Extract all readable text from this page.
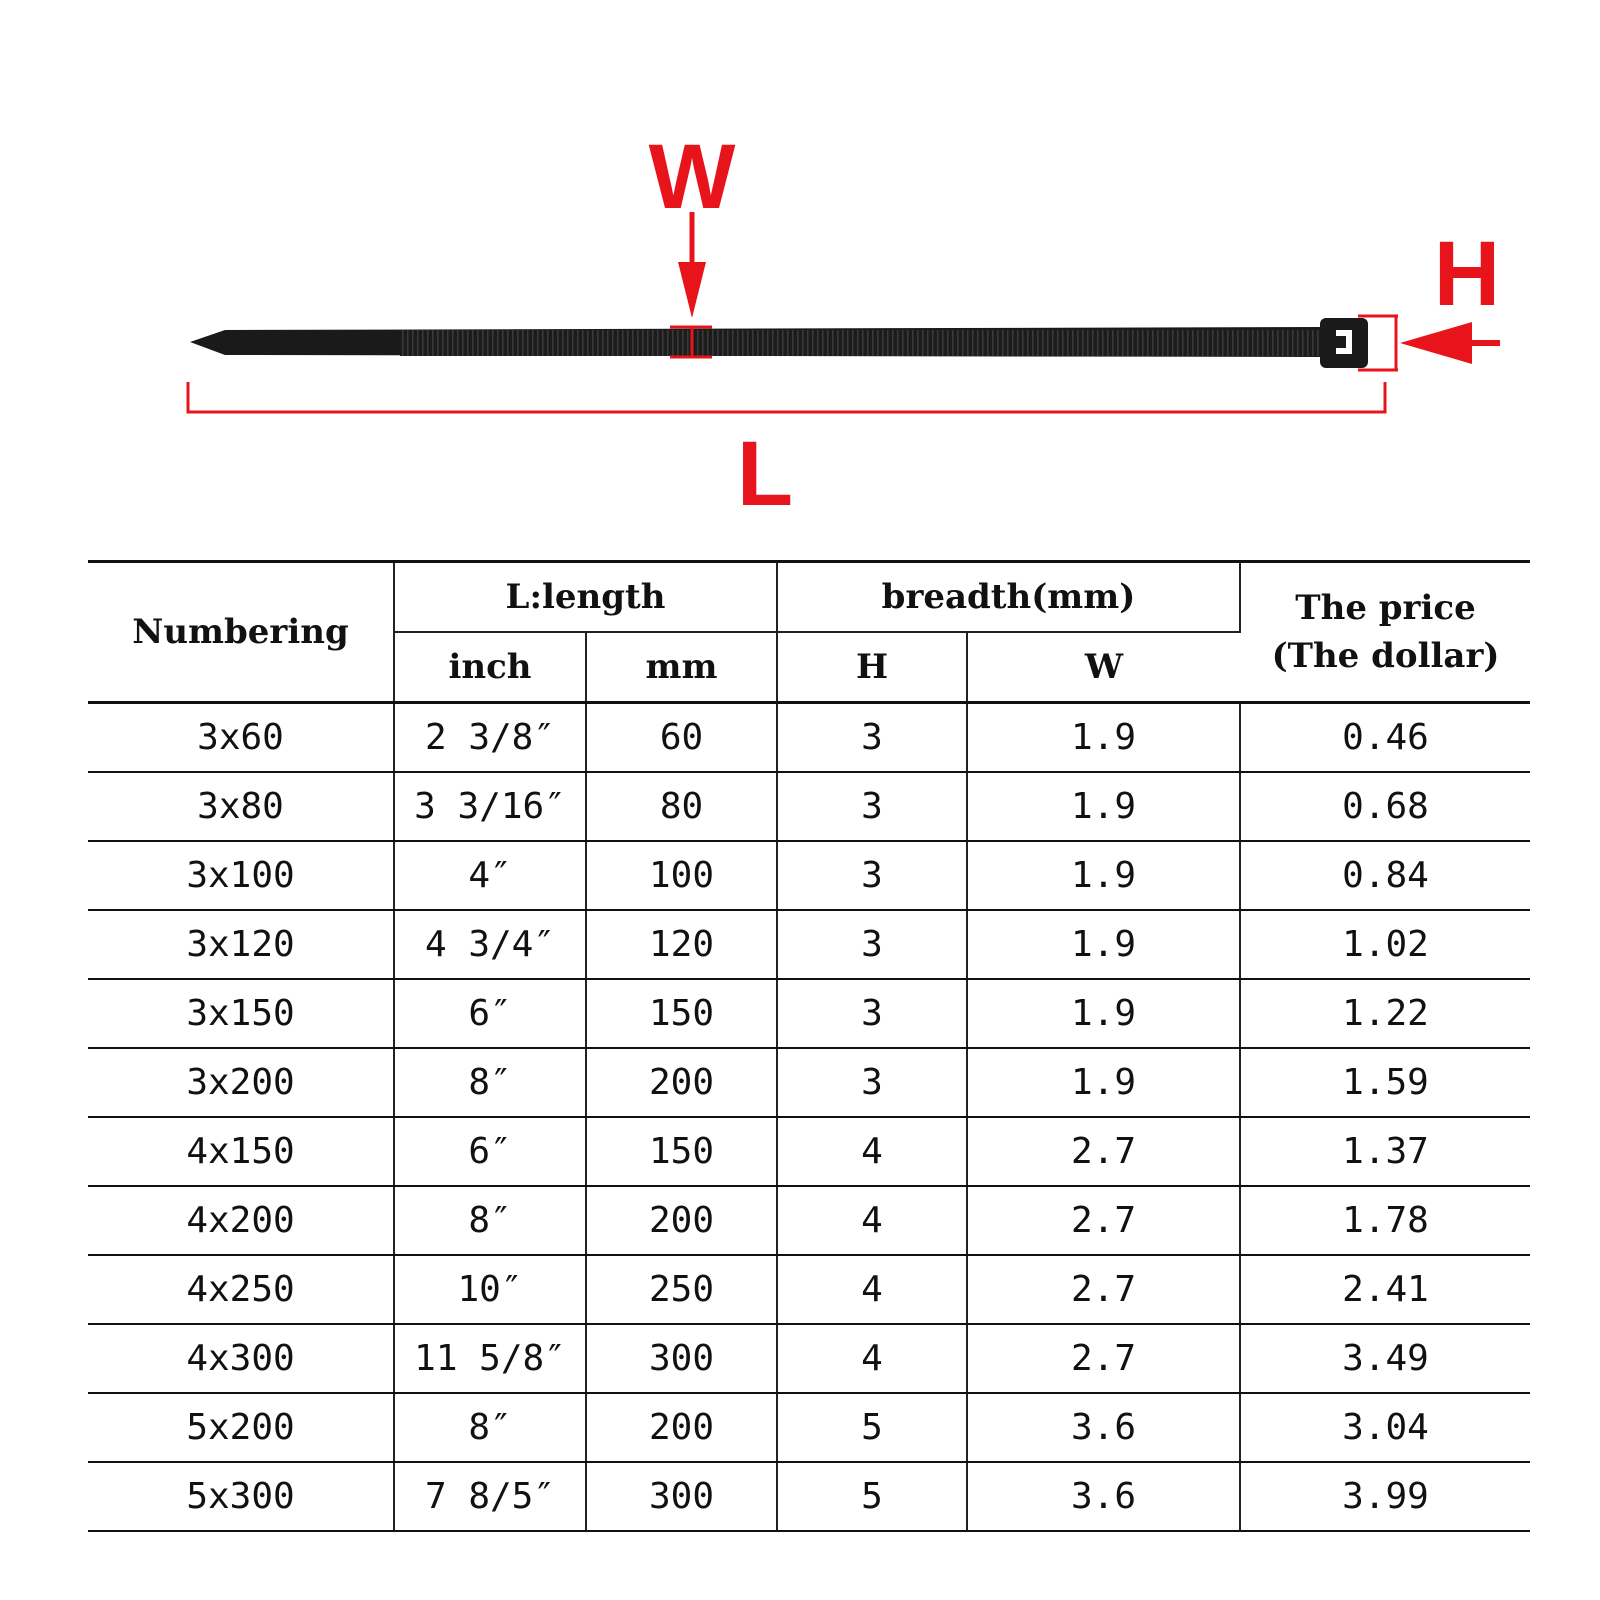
W
H
L
Numbering	L:length		breadth(mm)		The price
(The dollar)
	inch	mm	H	W	
3x60	2 3/8″	60	3	1.9	0.46
3x80	3 3/16″	80	3	1.9	0.68
3x100	4″	100	3	1.9	0.84
3x120	4 3/4″	120	3	1.9	1.02
3x150	6″	150	3	1.9	1.22
3x200	8″	200	3	1.9	1.59
4x150	6″	150	4	2.7	1.37
4x200	8″	200	4	2.7	1.78
4x250	10″	250	4	2.7	2.41
4x300	11 5/8″	300	4	2.7	3.49
5x200	8″	200	5	3.6	3.04
5x300	7 8/5″	300	5	3.6	3.99
